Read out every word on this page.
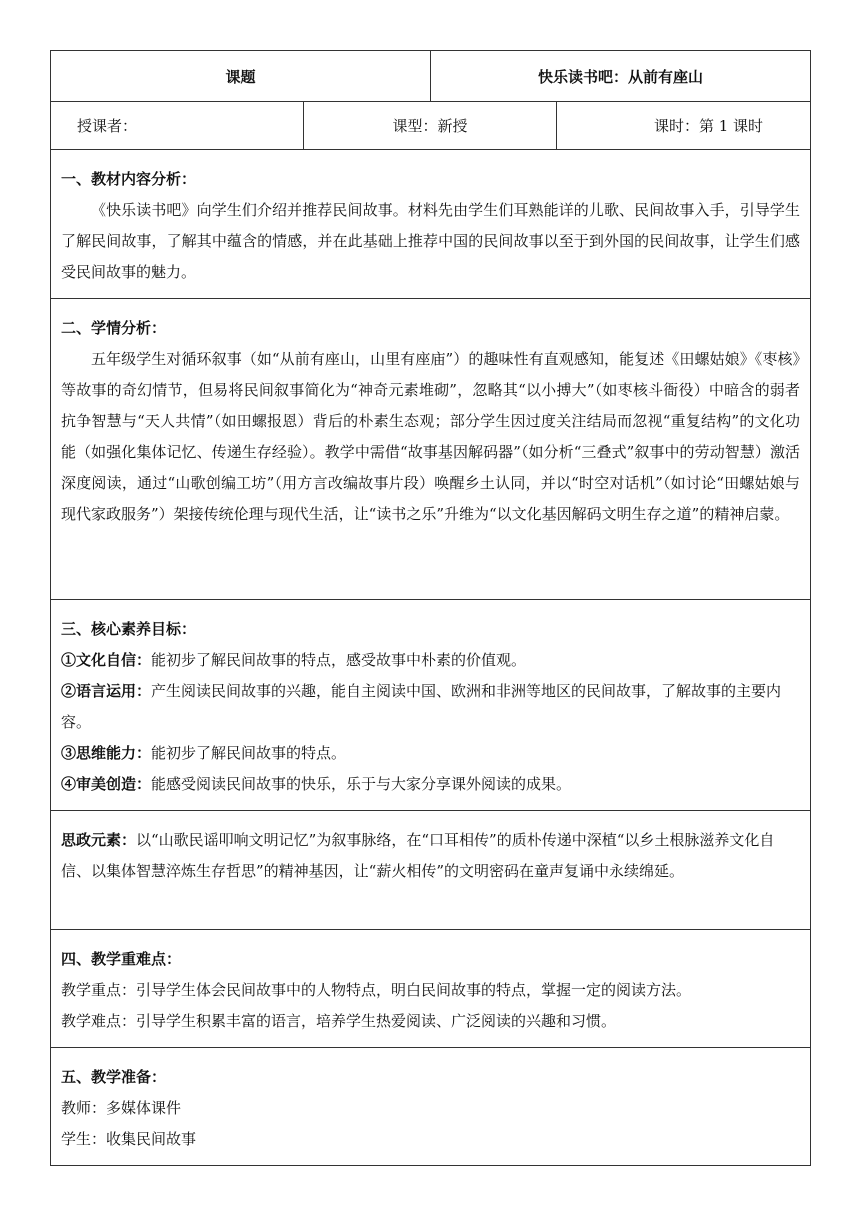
课题		快乐读书吧：从前有座山	
授课者：	课型：新授		课时：第 1 课时

一、教材内容分析：
《快乐读书吧》向学生们介绍并推荐民间故事。材料先由学生们耳熟能详的儿歌、民间故事入手，引导学生了解民间故事，了解其中蕴含的情感，并在此基础上推荐中国的民间故事以至于到外国的民间故事，让学生们感受民间故事的魅力。			

二、学情分析：
五年级学生对循环叙事（如“从前有座山，山里有座庙”）的趣味性有直观感知，能复述《田螺姑娘》《枣核》等故事的奇幻情节，但易将民间叙事简化为“神奇元素堆砌”，忽略其“以小搏大”（如枣核斗衙役）中暗含的弱者抗争智慧与“天人共情”（如田螺报恩）背后的朴素生态观；部分学生因过度关注结局而忽视“重复结构”的文化功能（如强化集体记忆、传递生存经验）。教学中需借“故事基因解码器”（如分析“三叠式”叙事中的劳动智慧）激活深度阅读，通过“山歌创编工坊”（用方言改编故事片段）唤醒乡土认同，并以“时空对话机”（如讨论“田螺姑娘与现代家政服务”）架接传统伦理与现代生活，让“读书之乐”升维为“以文化基因解码文明生存之道”的精神启蒙。			

三、核心素养目标：
①文化自信：能初步了解民间故事的特点，感受故事中朴素的价值观。
②语言运用：产生阅读民间故事的兴趣，能自主阅读中国、欧洲和非洲等地区的民间故事，了解故事的主要内容。
③思维能力：能初步了解民间故事的特点。
④审美创造：能感受阅读民间故事的快乐，乐于与大家分享课外阅读的成果。			

思政元素：以“山歌民谣叩响文明记忆”为叙事脉络，在“口耳相传”的质朴传递中深植“以乡土根脉滋养文化自信、以集体智慧淬炼生存哲思”的精神基因，让“薪火相传”的文明密码在童声复诵中永续绵延。			

四、教学重难点：
教学重点：引导学生体会民间故事中的人物特点，明白民间故事的特点，掌握一定的阅读方法。
教学难点：引导学生积累丰富的语言，培养学生热爱阅读、广泛阅读的兴趣和习惯。			

五、教学准备：
教师：多媒体课件
学生：收集民间故事			
